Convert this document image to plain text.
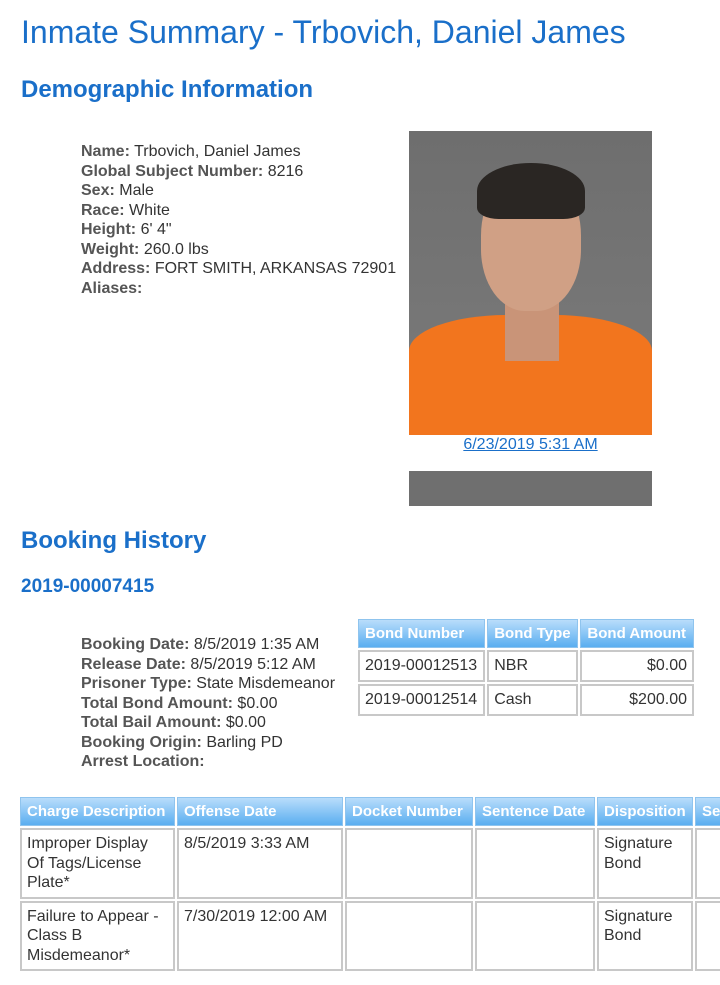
Inmate Summary - Trbovich, Daniel James
Demographic Information
Name: Trbovich, Daniel James
Global Subject Number: 8216
Sex: Male
Race: White
Height: 6' 4"
Weight: 260.0 lbs
Address: FORT SMITH, ARKANSAS 72901
Aliases:
6/23/2019 5:31 AM
Booking History
2019-00007415
Booking Date: 8/5/2019 1:35 AM
Release Date: 8/5/2019 5:12 AM
Prisoner Type: State Misdemeanor
Total Bond Amount: $0.00
Total Bail Amount: $0.00
Booking Origin: Barling PD
Arrest Location:
Bond Number	Bond Type	Bond Amount
2019-00012513	NBR	$0.00
2019-00012514	Cash	$200.00
Charge Description	Offense Date	Docket Number	Sentence Date	Disposition	Se
Improper Display Of Tags/License Plate*	8/5/2019 3:33 AM			Signature Bond	
Failure to Appear - Class B Misdemeanor*	7/30/2019 12:00 AM			Signature Bond	
